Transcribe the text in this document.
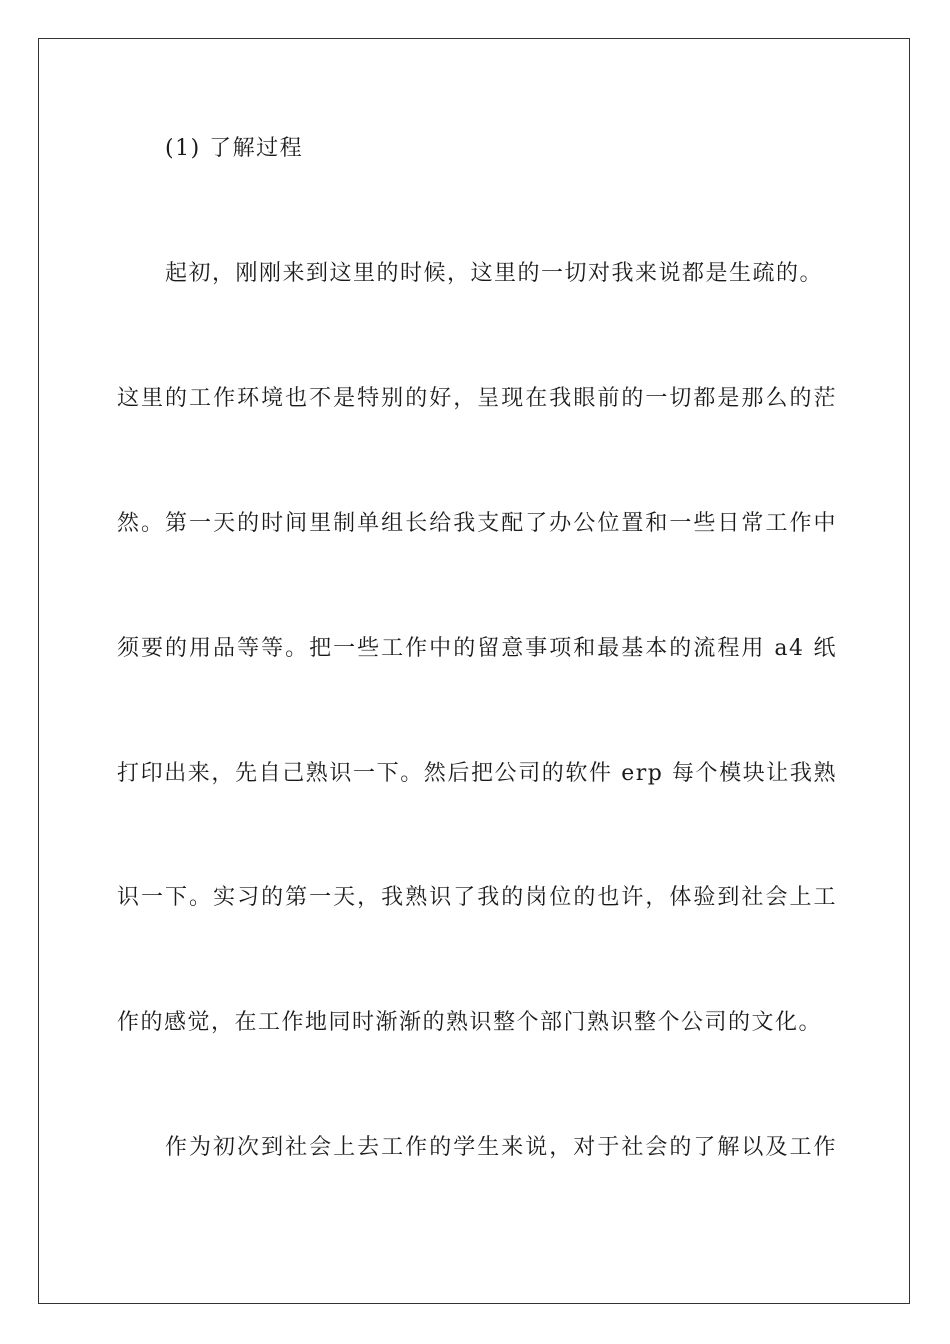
(1) 了解过程
起初，刚刚来到这里的时候，这里的一切对我来说都是生疏的。
这里的工作环境也不是特别的好，呈现在我眼前的一切都是那么的茫
然。第一天的时间里制单组长给我支配了办公位置和一些日常工作中
须要的用品等等。把一些工作中的留意事项和最基本的流程用 a4 纸
打印出来，先自己熟识一下。然后把公司的软件 erp 每个模块让我熟
识一下。实习的第一天，我熟识了我的岗位的也许，体验到社会上工
作的感觉，在工作地同时渐渐的熟识整个部门熟识整个公司的文化。
作为初次到社会上去工作的学生来说，对于社会的了解以及工作
